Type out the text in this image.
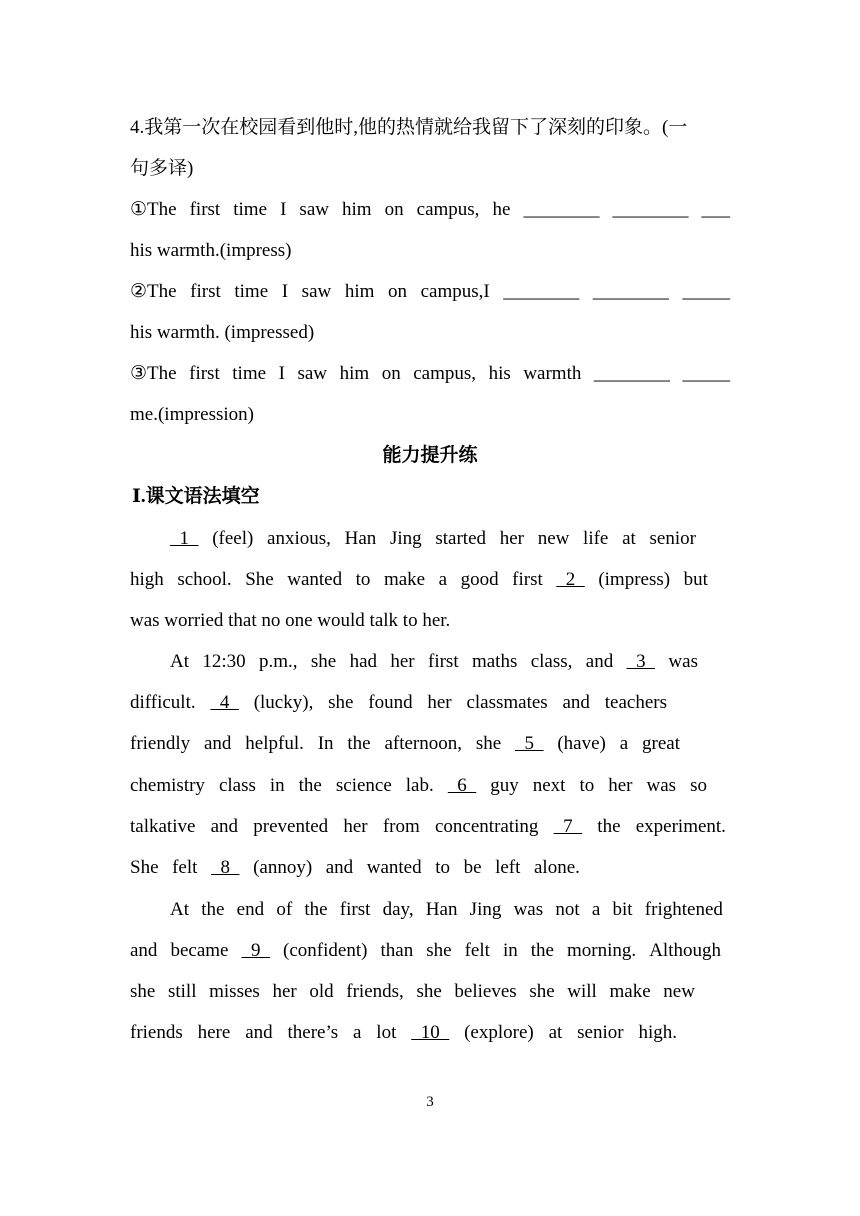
4.我第一次在校园看到他时,他的热情就给我留下了深刻的印象。(一
句多译)
①The first time I saw him on campus, he ________ ________ ___
his warmth.(impress)
②The first time I saw him on campus,I ________ ________ _____
his warmth. (impressed)
③The first time I saw him on campus, his warmth ________ _____
me.(impression)
能力提升练
Ⅰ.课文语法填空
1 (feel) anxious, Han Jing started her new life at senior
high school. She wanted to make a good first 2 (impress) but
was worried that no one would talk to her.
At 12:30 p.m., she had her first maths class, and 3 was
difficult. 4 (lucky), she found her classmates and teachers
friendly and helpful. In the afternoon, she 5 (have) a great
chemistry class in the science lab. 6 guy next to her was so
talkative and prevented her from concentrating 7 the experiment.
She felt 8 (annoy) and wanted to be left alone.
At the end of the first day, Han Jing was not a bit frightened
and became 9 (confident) than she felt in the morning. Although
she still misses her old friends, she believes she will make new
friends here and there’s a lot 10 (explore) at senior high.
3
